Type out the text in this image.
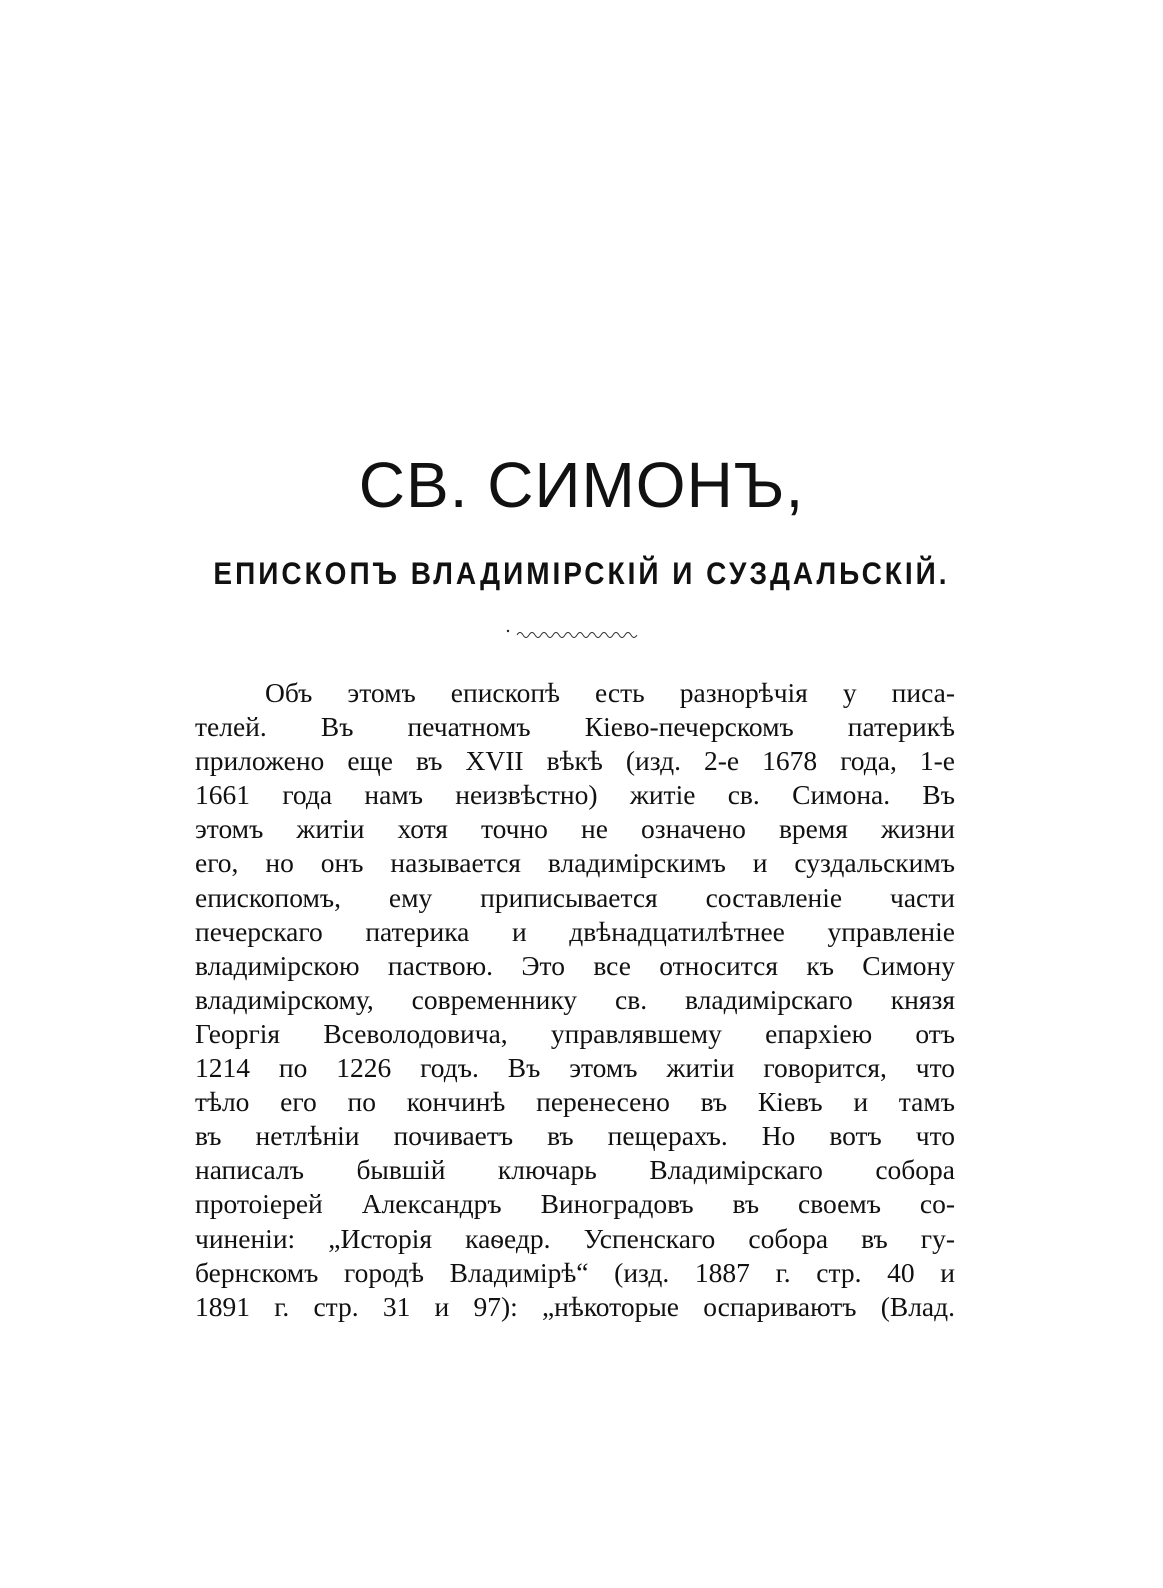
СВ. СИМОНЪ,
ЕПИСКОПЪ ВЛАДИМІРСКІЙ И СУЗДАЛЬСКІЙ.
Объ этомъ епископѣ есть разнорѣчія у писа-
телей. Въ печатномъ Кіево-печерскомъ патерикѣ
приложено еще въ XVII вѣкѣ (изд. 2-е 1678 года, 1-е
1661 года намъ неизвѣстно) житіе св. Симона. Въ
этомъ житіи хотя точно не означено время жизни
его, но онъ называется владимірскимъ и суздальскимъ
епископомъ, ему приписывается составленіе части
печерскаго патерика и двѣнадцатилѣтнее управленіе
владимірскою паствою. Это все относится къ Симону
владимірскому, современнику св. владимірскаго князя
Георгія Всеволодовича, управлявшему епархіею отъ
1214 по 1226 годъ. Въ этомъ житіи говорится, что
тѣло его по кончинѣ перенесено въ Кіевъ и тамъ
въ нетлѣніи почиваетъ въ пещерахъ. Но вотъ что
написалъ бывшій ключарь Владимірскаго собора
протоіерей Александръ Виноградовъ въ своемъ со-
чиненіи: „Исторія каѳедр. Успенскаго собора въ гу-
бернскомъ городѣ Владимірѣ“ (изд. 1887 г. стр. 40 и
1891 г. стр. 31 и 97): „нѣкоторые оспариваютъ (Влад.
